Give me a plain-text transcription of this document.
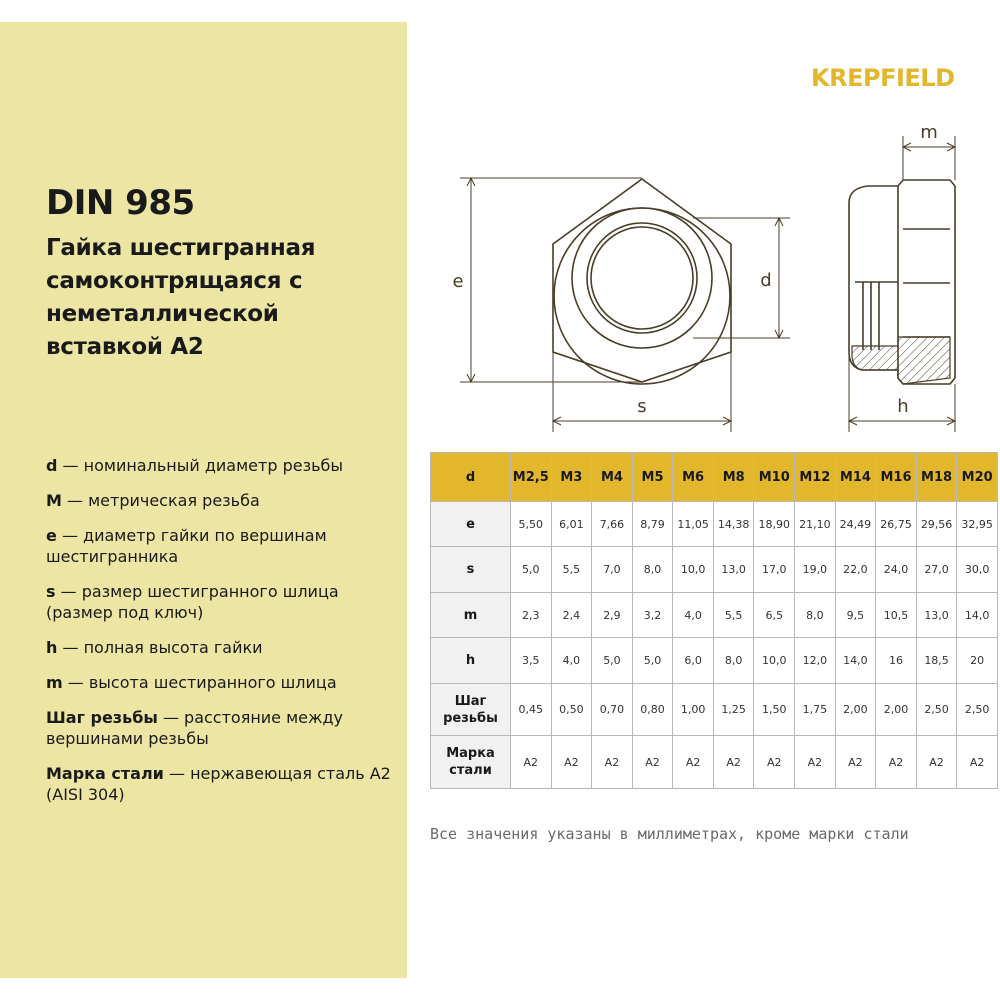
DIN 985
Гайка шестигранная самоконтрящаяся с неметаллической вставкой А2
d — номинальный диаметр резьбы
M — метрическая резьба
e — диаметр гайки по вершинам шестигранника
s — размер шестигранного шлица (размер под ключ)
h — полная высота гайки
m — высота шестиранного шлица
Шаг резьбы — расстояние между вершинами резьбы
Марка стали — нержавеющая сталь А2 (AISI 304)
KREPFIELD
e	d
s
m
h
d	M2,5	M3	M4	M5	M6	M8	M10	M12	M14	M16	M18	M20
e	5,50	6,01	7,66	8,79	11,05	14,38	18,90	21,10	24,49	26,75	29,56	32,95
s	5,0	5,5	7,0	8,0	10,0	13,0	17,0	19,0	22,0	24,0	27,0	30,0
m	2,3	2,4	2,9	3,2	4,0	5,5	6,5	8,0	9,5	10,5	13,0	14,0
h	3,5	4,0	5,0	5,0	6,0	8,0	10,0	12,0	14,0	16	18,5	20
Шаг резьбы	0,45	0,50	0,70	0,80	1,00	1,25	1,50	1,75	2,00	2,00	2,50	2,50
Марка стали	А2	А2	А2	А2	А2	А2	А2	А2	А2	А2	А2	А2

Все значения указаны в миллиметрах, кроме марки стали
